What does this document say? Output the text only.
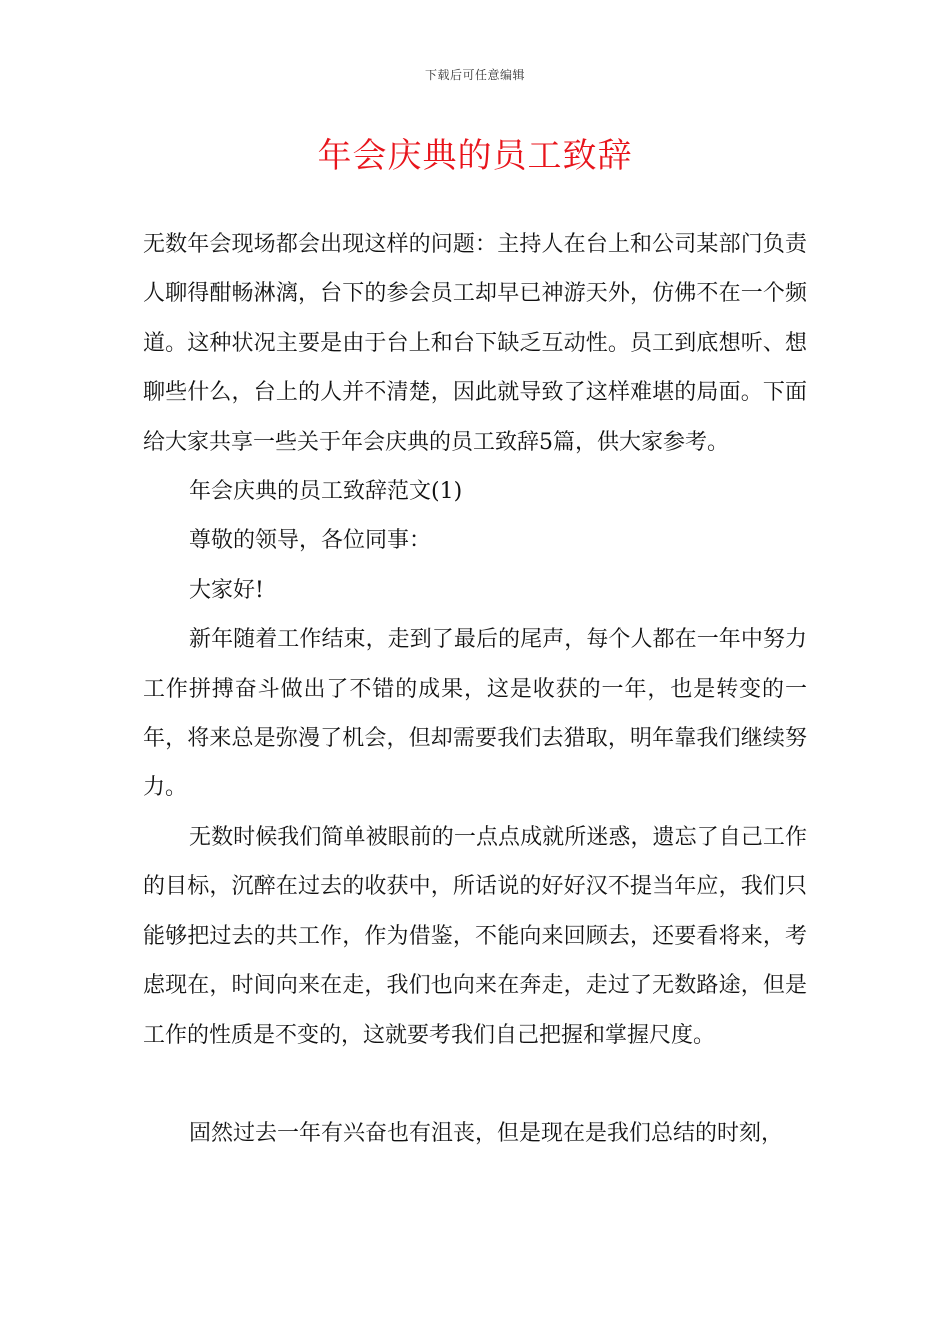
下载后可任意编辑
年会庆典的员工致辞

无数年会现场都会出现这样的问题：主持人在台上和公司某部门负责人聊得酣畅淋漓，台下的参会员工却早已神游天外，仿佛不在一个频道。这种状况主要是由于台上和台下缺乏互动性。员工到底想听、想聊些什么，台上的人并不清楚，因此就导致了这样难堪的局面。下面给大家共享一些关于年会庆典的员工致辞5篇，供大家参考。

年会庆典的员工致辞范文(1)

尊敬的领导，各位同事：

大家好!

新年随着工作结束，走到了最后的尾声，每个人都在一年中努力工作拼搏奋斗做出了不错的成果，这是收获的一年，也是转变的一年，将来总是弥漫了机会，但却需要我们去猎取，明年靠我们继续努力。

无数时候我们简单被眼前的一点点成就所迷惑，遗忘了自己工作的目标，沉醉在过去的收获中，所话说的好好汉不提当年应，我们只能够把过去的共工作，作为借鉴，不能向来回顾去，还要看将来，考虑现在，时间向来在走，我们也向来在奔走，走过了无数路途，但是工作的性质是不变的，这就要考我们自己把握和掌握尺度。

固然过去一年有兴奋也有沮丧，但是现在是我们总结的时刻，
